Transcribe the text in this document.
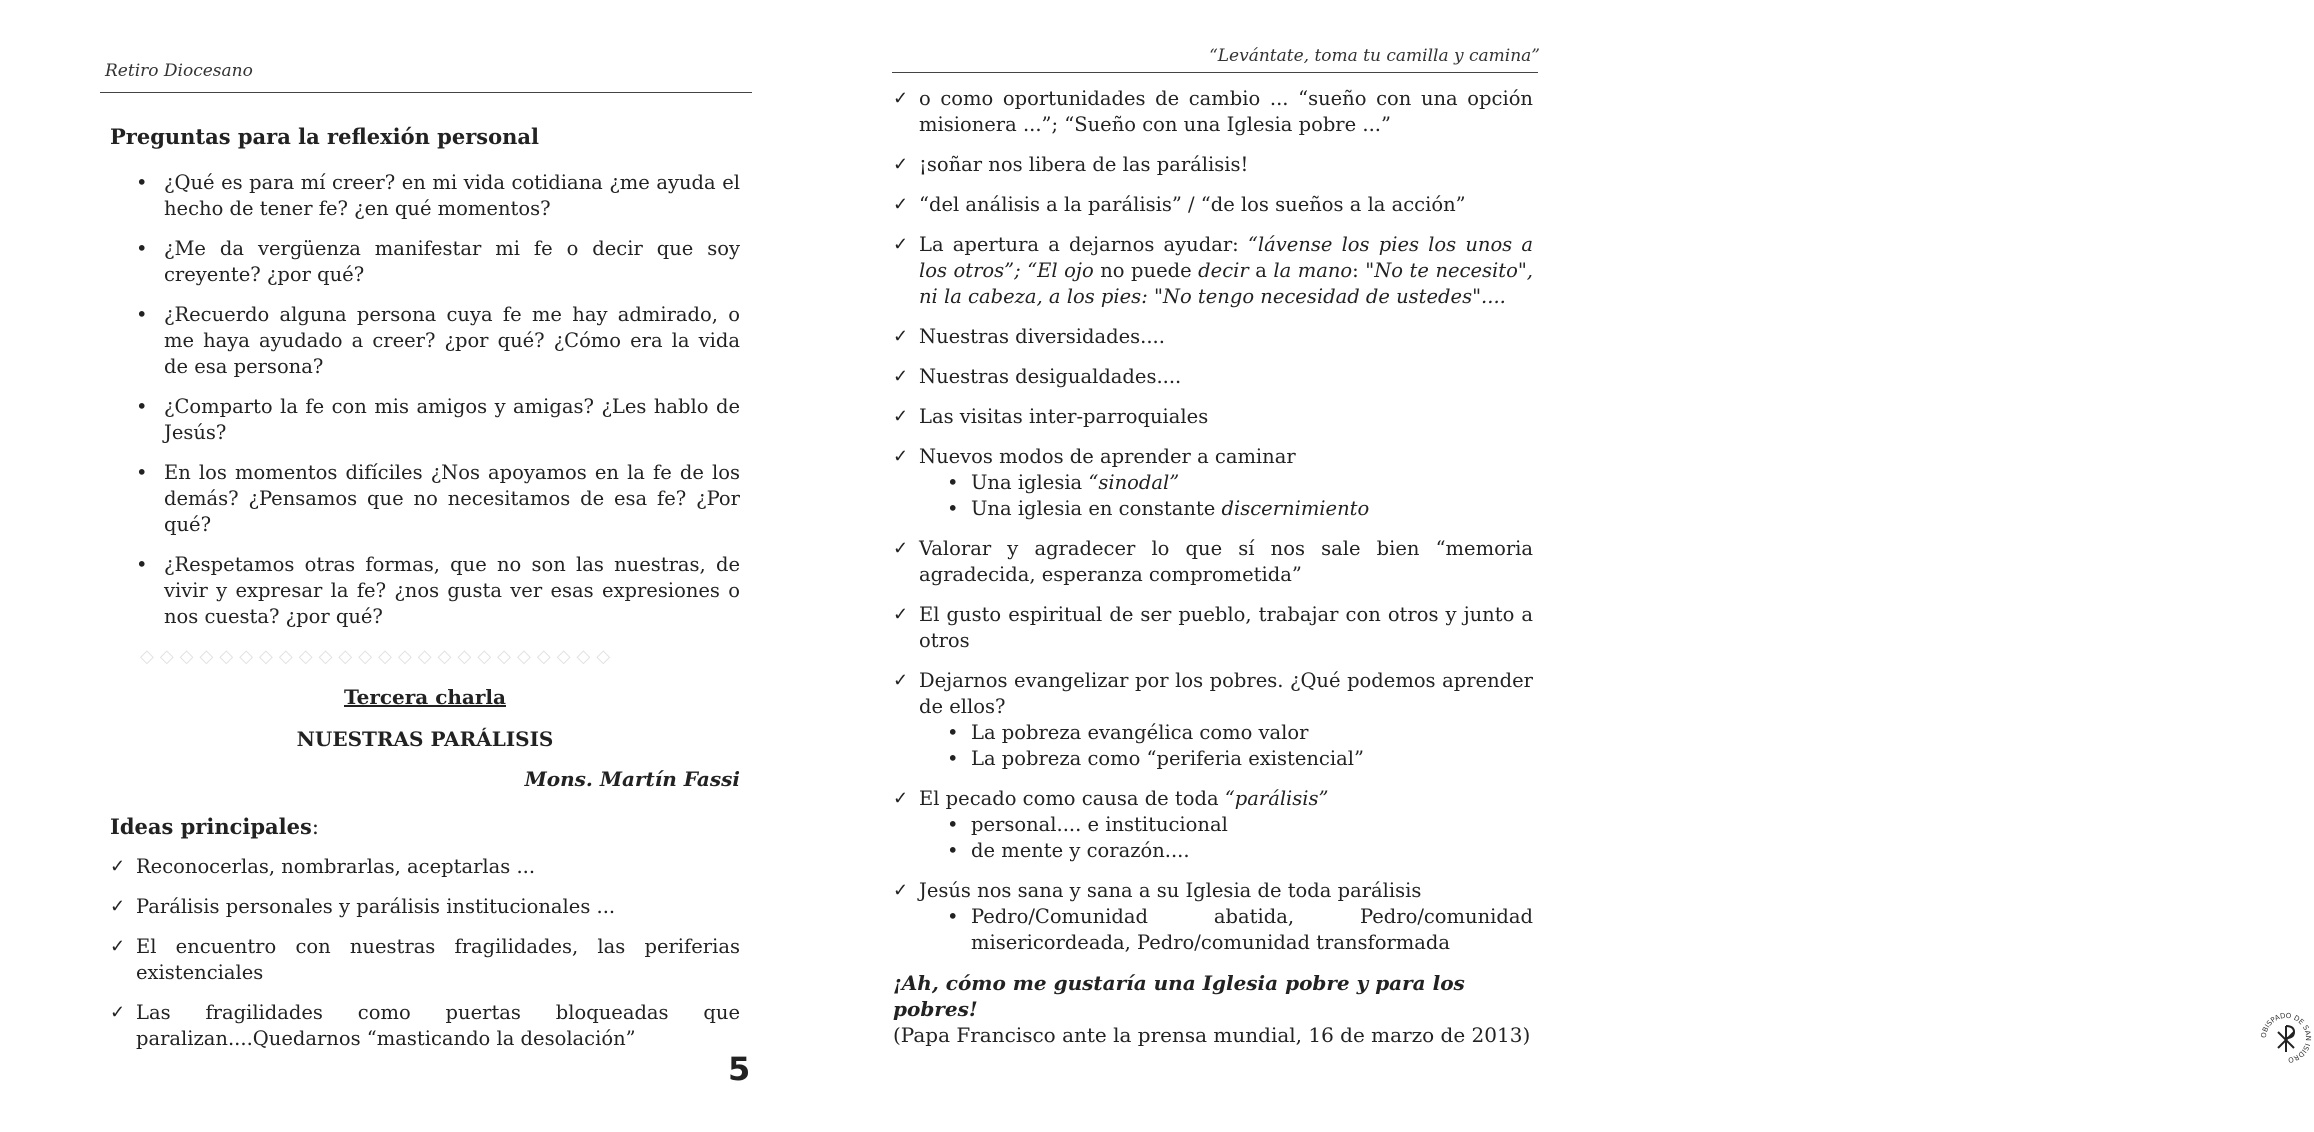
Retiro Diocesano
Preguntas para la reflexión personal
• ¿Qué es para mí creer? en mi vida cotidiana ¿me ayuda el hecho de tener fe? ¿en qué momentos?
• ¿Me da vergüenza manifestar mi fe o decir que soy creyente? ¿por qué?
• ¿Recuerdo alguna persona cuya fe me hay admirado, o me haya ayudado a creer? ¿por qué? ¿Cómo era la vida de esa persona?
• ¿Comparto la fe con mis amigos y amigas? ¿Les hablo de Jesús?
• En los momentos difíciles ¿Nos apoyamos en la fe de los demás? ¿Pensamos que no necesitamos de esa fe? ¿Por qué?
• ¿Respetamos otras formas, que no son las nuestras, de vivir y expresar la fe? ¿nos gusta ver esas expresiones o nos cuesta? ¿por qué?
◇◇◇◇◇◇◇◇◇◇◇◇◇◇◇◇◇◇◇◇◇◇◇◇
Tercera charla
NUESTRAS PARÁLISIS
Mons. Martín Fassi
Ideas principales:
✓ Reconocerlas, nombrarlas, aceptarlas ...
✓ Parálisis personales y parálisis institucionales ...
✓ El encuentro con nuestras fragilidades, las periferias existenciales
✓ Las fragilidades como puertas bloqueadas que paralizan....Quedarnos “masticando la desolación”
5
“Levántate, toma tu camilla y camina”
✓ o como oportunidades de cambio ... “sueño con una opción misionera ...”; “Sueño con una Iglesia pobre ...”
✓ ¡soñar nos libera de las parálisis!
✓ “del análisis a la parálisis” / “de los sueños a la acción”
✓ La apertura a dejarnos ayudar: “lávense los pies los unos a los otros”; “El ojo no puede decir a la mano: "No te necesito", ni la cabeza, a los pies: "No tengo necesidad de ustedes"....
✓ Nuestras diversidades....
✓ Nuestras desigualdades....
✓ Las visitas inter-parroquiales
✓ Nuevos modos de aprender a caminar
• Una iglesia “sinodal”
• Una iglesia en constante discernimiento
✓ Valorar y agradecer lo que sí nos sale bien “memoria agradecida, esperanza comprometida”
✓ El gusto espiritual de ser pueblo, trabajar con otros y junto a otros
✓ Dejarnos evangelizar por los pobres. ¿Qué podemos aprender de ellos?
• La pobreza evangélica como valor
• La pobreza como “periferia existencial”
✓ El pecado como causa de toda “parálisis”
• personal.... e institucional
• de mente y corazón....
✓ Jesús nos sana y sana a su Iglesia de toda parálisis
• Pedro/Comunidad abatida, Pedro/comunidad misericordeada, Pedro/comunidad transformada
¡Ah, cómo me gustaría una Iglesia pobre y para los pobres!
(Papa Francisco ante la prensa mundial, 16 de marzo de 2013)	OBISPADO DE SAN ISIDRO
